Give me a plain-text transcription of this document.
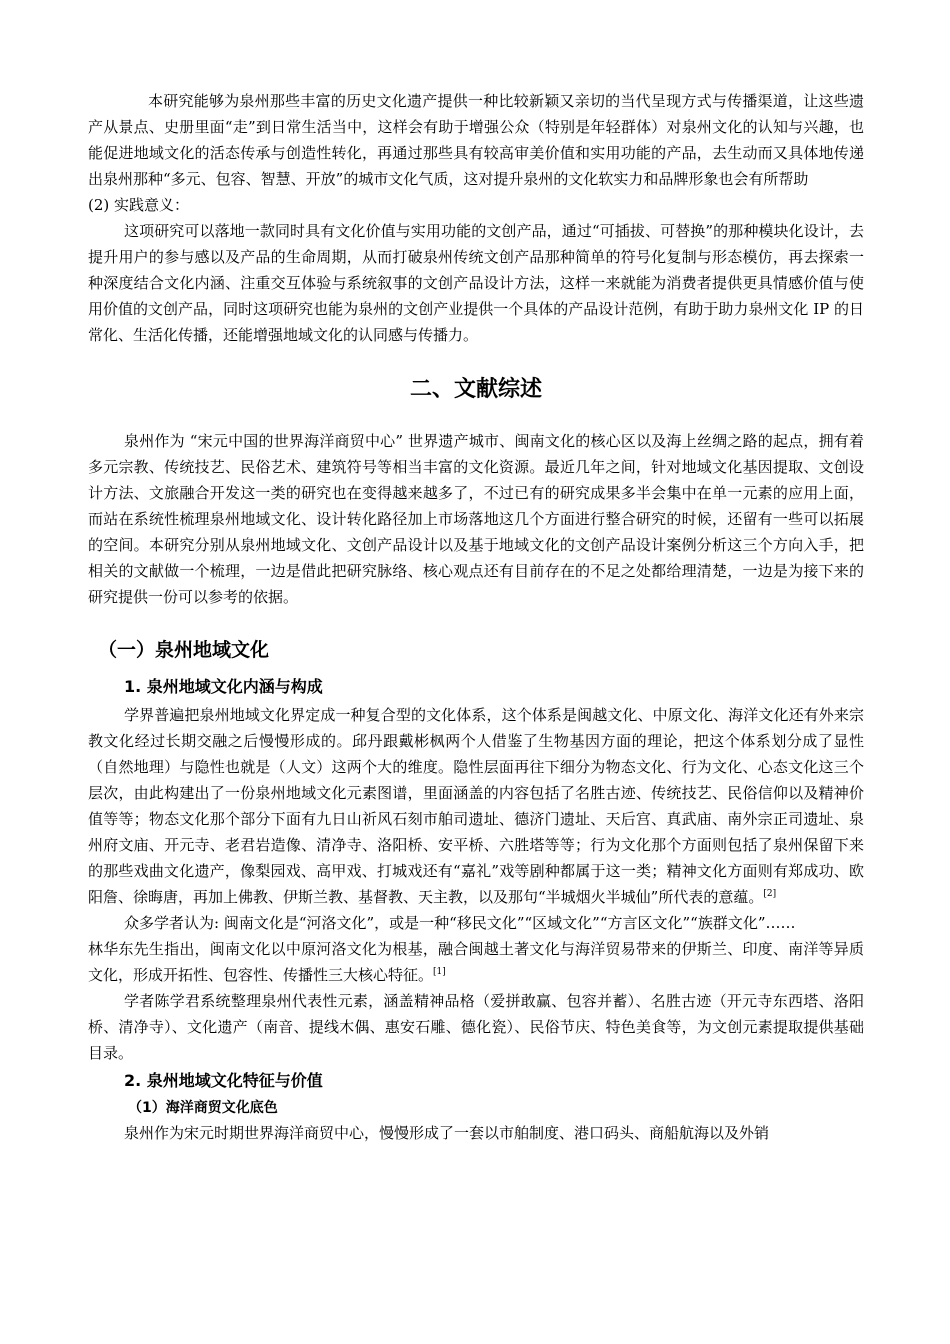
本研究能够为泉州那些丰富的历史文化遗产提供一种比较新颖又亲切的当代呈现方式与传播渠道，让这些遗产从景点、史册里面“走”到日常生活当中，这样会有助于增强公众（特别是年轻群体）对泉州文化的认知与兴趣，也能促进地域文化的活态传承与创造性转化，再通过那些具有较高审美价值和实用功能的产品，去生动而又具体地传递出泉州那种“多元、包容、智慧、开放”的城市文化气质，这对提升泉州的文化软实力和品牌形象也会有所帮助

(2) 实践意义：

这项研究可以落地一款同时具有文化价值与实用功能的文创产品，通过“可插拔、可替换”的那种模块化设计，去提升用户的参与感以及产品的生命周期，从而打破泉州传统文创产品那种简单的符号化复制与形态模仿，再去探索一种深度结合文化内涵、注重交互体验与系统叙事的文创产品设计方法，这样一来就能为消费者提供更具情感价值与使用价值的文创产品，同时这项研究也能为泉州的文创产业提供一个具体的产品设计范例，有助于助力泉州文化 IP 的日常化、生活化传播，还能增强地域文化的认同感与传播力。

二、文献综述

泉州作为 “宋元中国的世界海洋商贸中心” 世界遗产城市、闽南文化的核心区以及海上丝绸之路的起点，拥有着多元宗教、传统技艺、民俗艺术、建筑符号等相当丰富的文化资源。最近几年之间，针对地域文化基因提取、文创设计方法、文旅融合开发这一类的研究也在变得越来越多了，不过已有的研究成果多半会集中在单一元素的应用上面，而站在系统性梳理泉州地域文化、设计转化路径加上市场落地这几个方面进行整合研究的时候，还留有一些可以拓展的空间。本研究分别从泉州地域文化、文创产品设计以及基于地域文化的文创产品设计案例分析这三个方向入手，把相关的文献做一个梳理，一边是借此把研究脉络、核心观点还有目前存在的不足之处都给理清楚，一边是为接下来的研究提供一份可以参考的依据。

（一）泉州地域文化
1. 泉州地域文化内涵与构成

学界普遍把泉州地域文化界定成一种复合型的文化体系，这个体系是闽越文化、中原文化、海洋文化还有外来宗教文化经过长期交融之后慢慢形成的。邱丹跟戴彬枫两个人借鉴了生物基因方面的理论，把这个体系划分成了显性（自然地理）与隐性也就是（人文）这两个大的维度。隐性层面再往下细分为物态文化、行为文化、心态文化这三个层次，由此构建出了一份泉州地域文化元素图谱，里面涵盖的内容包括了名胜古迹、传统技艺、民俗信仰以及精神价值等等；物态文化那个部分下面有九日山祈风石刻市舶司遗址、德济门遗址、天后宫、真武庙、南外宗正司遗址、泉州府文庙、开元寺、老君岩造像、清净寺、洛阳桥、安平桥、六胜塔等等；行为文化那个方面则包括了泉州保留下来的那些戏曲文化遗产，像梨园戏、高甲戏、打城戏还有“嘉礼”戏等剧种都属于这一类；精神文化方面则有郑成功、欧阳詹、徐晦唐，再加上佛教、伊斯兰教、基督教、天主教，以及那句“半城烟火半城仙”所代表的意蕴。[2]

众多学者认为: 闽南文化是“河洛文化”，或是一种“移民文化”“区域文化”“方言区文化”“族群文化”……

林华东先生指出，闽南文化以中原河洛文化为根基，融合闽越土著文化与海洋贸易带来的伊斯兰、印度、南洋等异质文化，形成开拓性、包容性、传播性三大核心特征。[1]

学者陈学君系统整理泉州代表性元素，涵盖精神品格（爱拼敢赢、包容并蓄）、名胜古迹（开元寺东西塔、洛阳桥、清净寺）、文化遗产（南音、提线木偶、惠安石雕、德化瓷）、民俗节庆、特色美食等，为文创元素提取提供基础目录。

2. 泉州地域文化特征与价值
（1）海洋商贸文化底色

泉州作为宋元时期世界海洋商贸中心，慢慢形成了一套以市舶制度、港口码头、商船航海以及外销
